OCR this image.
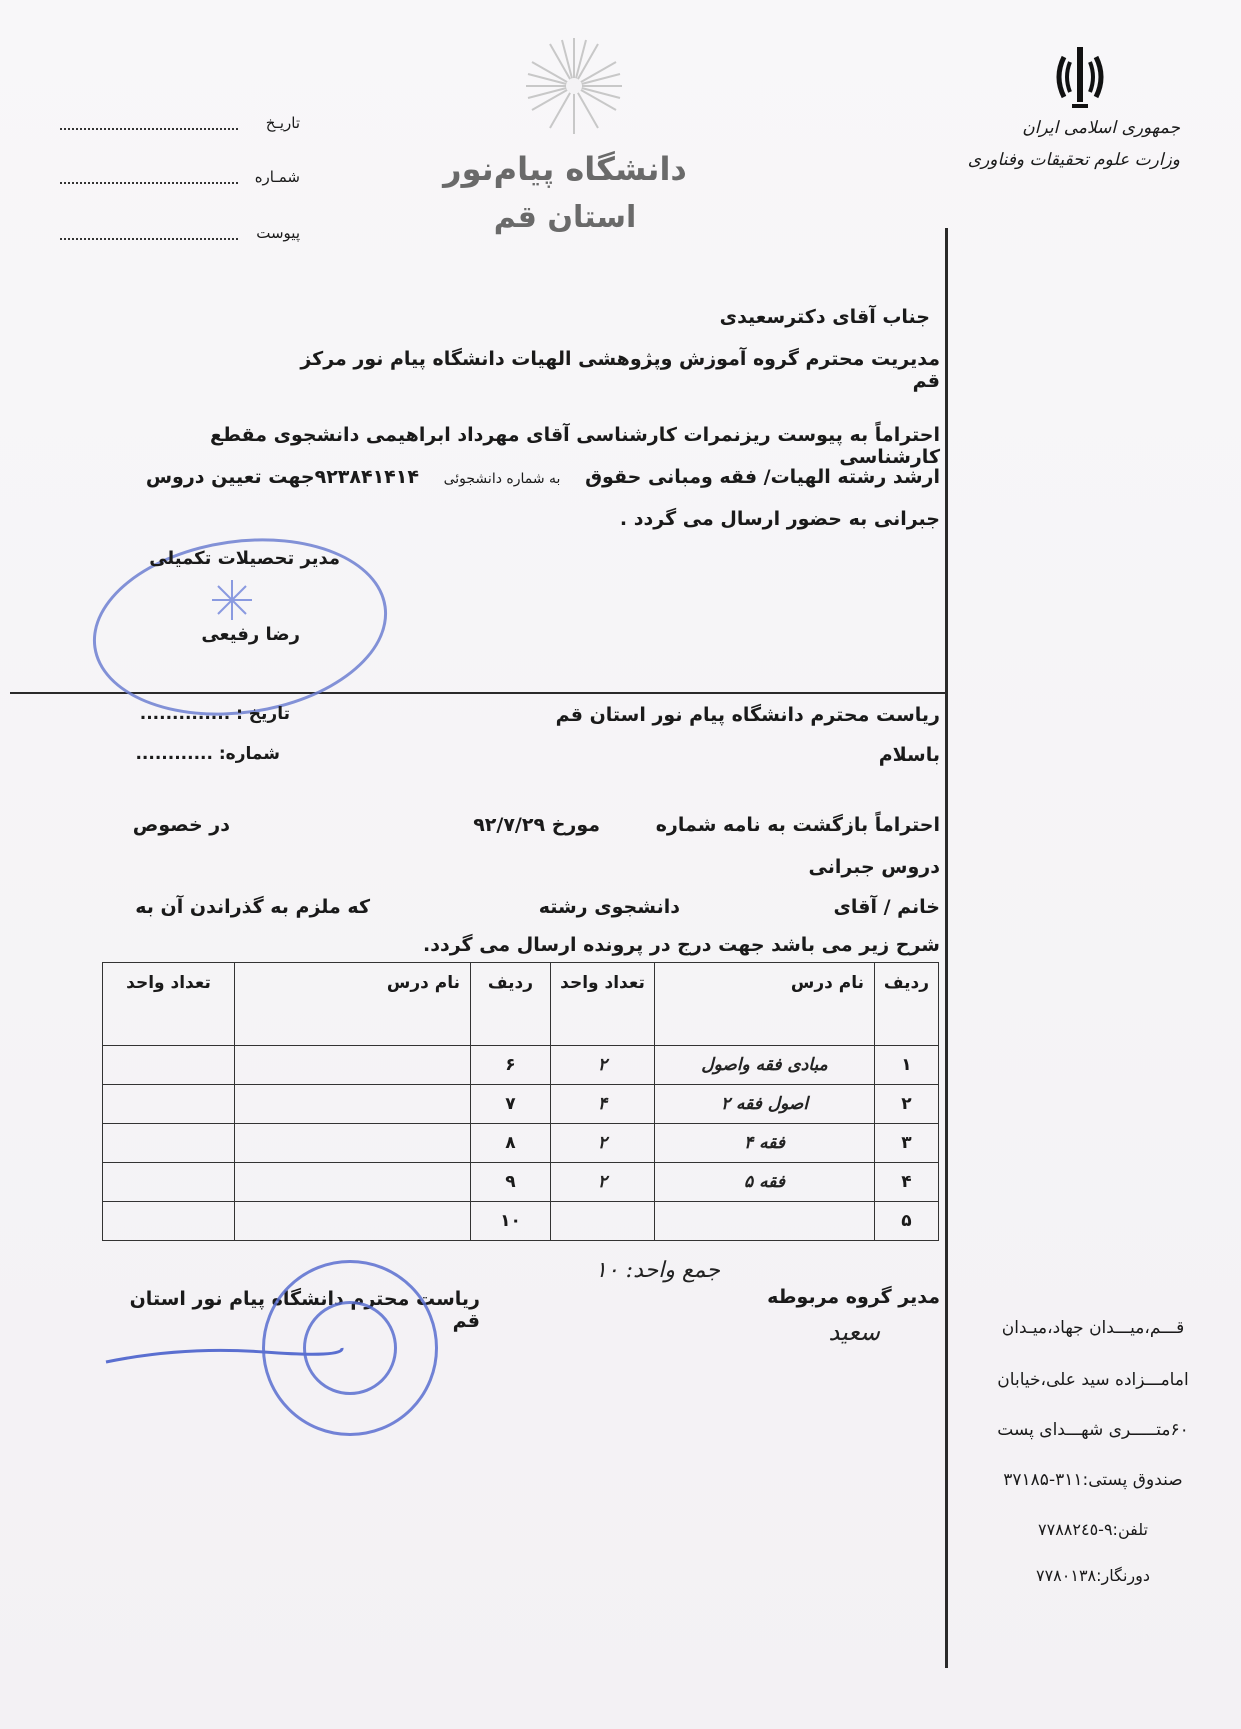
جمهوری اسلامی ایران
وزارت علوم تحقیقات وفناوری
دانشگاه پیام‌نور
استان قم
تاریـخ
شمـاره
پیوست
جناب آقای دکترسعیدی
مدیریت محترم گروه آموزش وپژوهشی الهیات دانشگاه پیام نور مرکز قم
احتراماً به پیوست ریزنمرات کارشناسی آقای مهرداد ابراهیمی دانشجوی مقطع کارشناسی
ارشد رشته الهیات/ فقه ومبانی حقوق به شماره دانشجوئی ۹۲۳۸۴۱۴۱۴جهت تعیین دروس
جبرانی به حضور ارسال می گردد .
مدیر تحصیلات تکمیلی
رضا رفیعی
تاریخ : ..............
شماره: ............
ریاست محترم دانشگاه پیام نور استان قم
باسلام
احتراماً بازگشت به نامه شماره
مورخ ۹۲/۷/۲۹
در خصوص
دروس جبرانی
خانم / آقای
دانشجوی رشته
که ملزم به گذراندن آن به
شرح زیر می باشد جهت درج در پرونده ارسال می گردد.
ردیف	نام درس	تعداد واحد	ردیف	نام درس	تعداد واحد
۱	مبادی فقه واصول	۲	۶		
۲	اصول فقه ۲	۴	۷		
۳	فقه ۴	۲	۸		
۴	فقه ۵	۲	۹		
۵			۱۰		
جمع واحد: ۱۰
مدیر گروه مربوطه
سعید
ریاست محترم دانشگاه پیام نور استان قم	قـــم،میـــدان جهاد،میـدان
امامـــزاده سید علی،خیابان
۶۰متـــــری شهـــدای پست
صندوق پستی:۳۱۱-۳۷۱۸۵
تلفن:۹-۷۷۸۸۲٤٥
دورنگار:۷۷۸۰۱۳۸
